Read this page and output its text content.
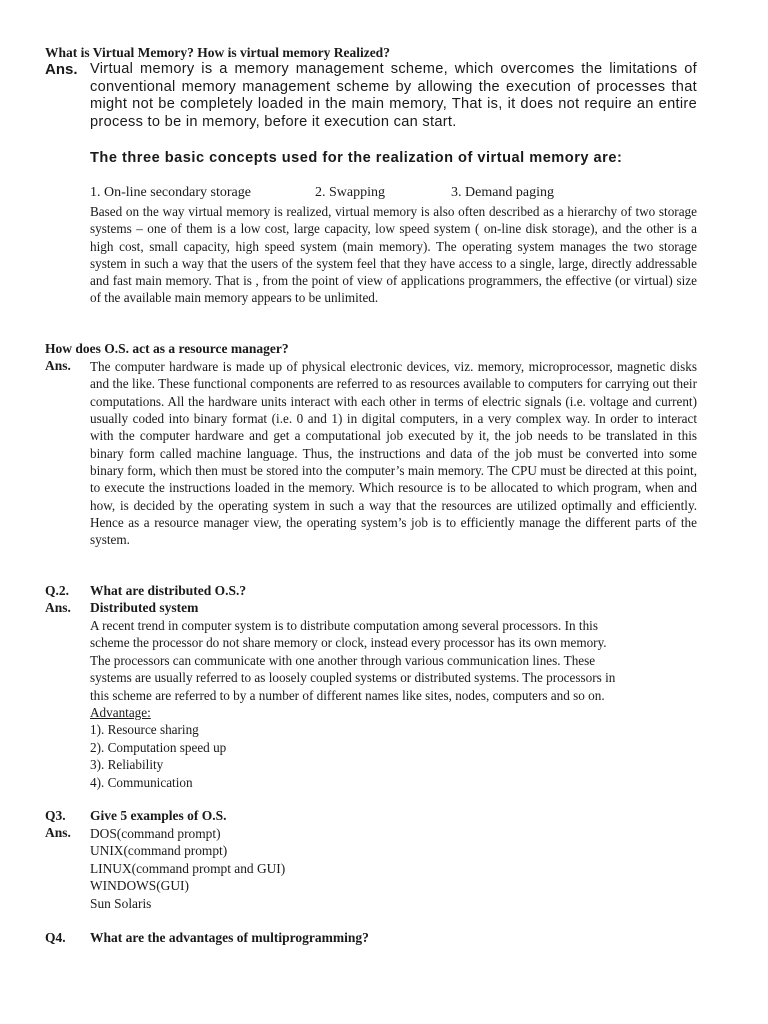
What is Virtual Memory? How is virtual memory Realized?
Ans. Virtual memory is a memory management scheme, which overcomes the limitations of conventional memory management scheme by allowing the execution of processes that might not be completely loaded in the main memory, That is, it does not require an entire process to be in memory, before it execution can start.

The three basic concepts used for the realization of virtual memory are:

1. On-line secondary storage	2. Swapping	3. Demand paging

Based on the way virtual memory is realized, virtual memory is also often described as a hierarchy of two storage systems – one of them is a low cost, large capacity, low speed system ( on-line disk storage), and the other is a high cost, small capacity, high speed system (main memory). The operating system manages the two storage system in such a way that the users of the system feel that they have access to a single, large, directly addressable and fast main memory. That is , from the point of view of applications programmers, the effective (or virtual) size of the available main memory appears to be unlimited.

How does O.S. act as a resource manager?
Ans.	The computer hardware is made up of physical electronic devices, viz. memory, microprocessor, magnetic disks and the like. These functional components are referred to as resources available to computers for carrying out their computations. All the hardware units interact with each other in terms of electric signals (i.e. voltage and current) usually coded into binary format (i.e. 0 and 1) in digital computers, in a very complex way. In order to interact with the computer hardware and get a computational job executed by it, the job needs to be translated in this binary form called machine language. Thus, the instructions and data of the job must be converted into some binary form, which then must be stored into the computer’s main memory. The CPU must be directed at this point, to execute the instructions loaded in the memory. Which resource is to be allocated to which program, when and how, is decided by the operating system in such a way that the resources are utilized optimally and efficiently. Hence as a resource manager view, the operating system’s job is to efficiently manage the different parts of the system.

Q.2. What are distributed O.S.?
Ans. Distributed system
A recent trend in computer system is to distribute computation among several processors. In this
scheme the processor do not share memory or clock, instead every processor has its own memory.
The processors can communicate with one another through various communication lines. These
systems are usually referred to as loosely coupled systems or distributed systems. The processors in
this scheme are referred to by a number of different names like sites, nodes, computers and so on.
Advantage:
1). Resource sharing
2). Computation speed up
3). Reliability
4). Communication
Q3. Give 5 examples of O.S.
Ans. DOS(command prompt)
UNIX(command prompt)
LINUX(command prompt and GUI)
WINDOWS(GUI)
Sun Solaris
Q4. What are the advantages of multiprogramming?
